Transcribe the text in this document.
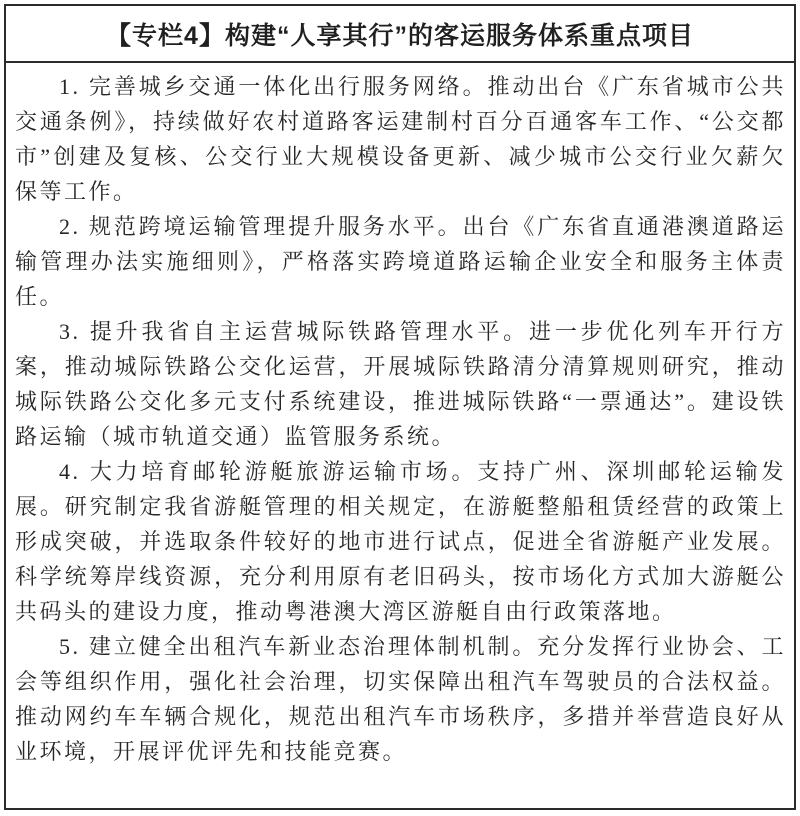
【专栏4】构建“人享其行”的客运服务体系重点项目

1. 完善城乡交通一体化出行服务网络。推动出台《广东省城市公共交通条例》，持续做好农村道路客运建制村百分百通客车工作、“公交都市”创建及复核、公交行业大规模设备更新、减少城市公交行业欠薪欠保等工作。

2. 规范跨境运输管理提升服务水平。出台《广东省直通港澳道路运输管理办法实施细则》，严格落实跨境道路运输企业安全和服务主体责任。

3. 提升我省自主运营城际铁路管理水平。进一步优化列车开行方案，推动城际铁路公交化运营，开展城际铁路清分清算规则研究，推动城际铁路公交化多元支付系统建设，推进城际铁路“一票通达”。建设铁路运输（城市轨道交通）监管服务系统。

4. 大力培育邮轮游艇旅游运输市场。支持广州、深圳邮轮运输发展。研究制定我省游艇管理的相关规定，在游艇整船租赁经营的政策上形成突破，并选取条件较好的地市进行试点，促进全省游艇产业发展。科学统筹岸线资源，充分利用原有老旧码头，按市场化方式加大游艇公共码头的建设力度，推动粤港澳大湾区游艇自由行政策落地。

5. 建立健全出租汽车新业态治理体制机制。充分发挥行业协会、工会等组织作用，强化社会治理，切实保障出租汽车驾驶员的合法权益。推动网约车车辆合规化，规范出租汽车市场秩序，多措并举营造良好从业环境，开展评优评先和技能竞赛。
